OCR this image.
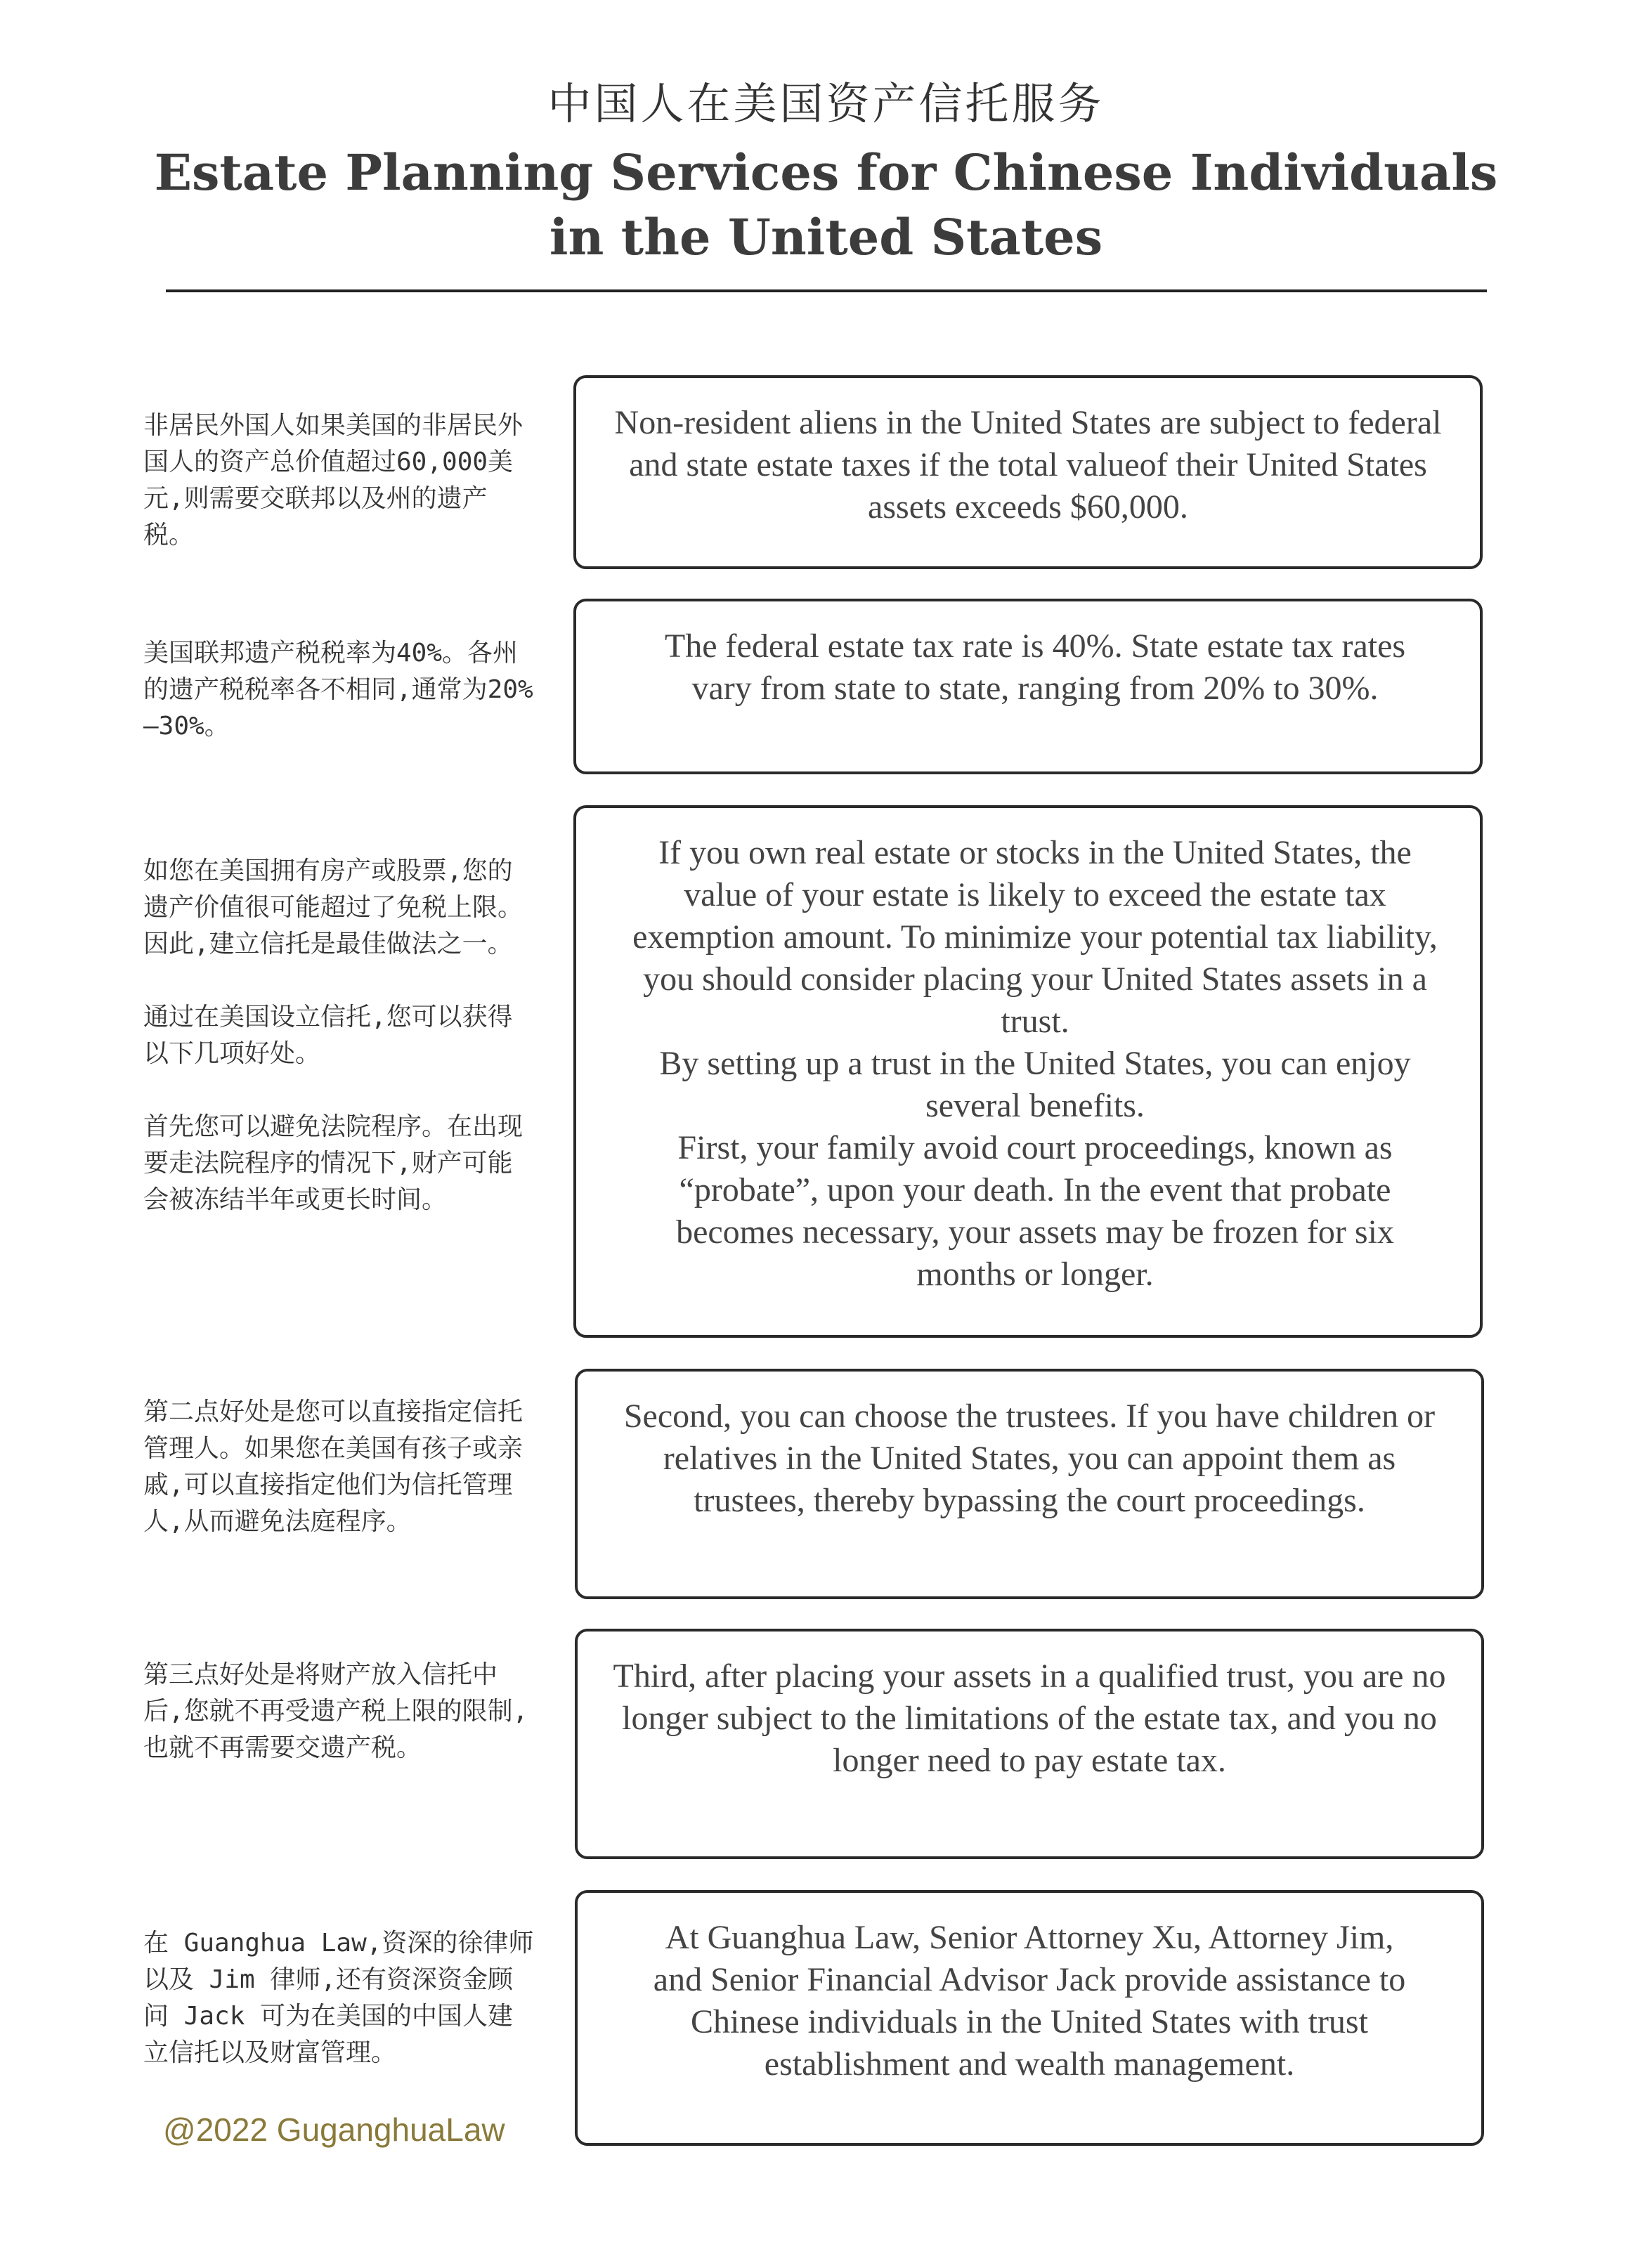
中国人在美国资产信托服务
Estate Planning Services for Chinese Individuals
in the United States

非居民外国人如果美国的非居民外国人的资产总价值超过60,000美元,则需要交联邦以及州的遗产税。

Non-resident aliens in the United States are subject to federal and state estate taxes if the total valueof their United States assets exceeds $60,000.

美国联邦遗产税税率为40%。各州的遗产税税率各不相同,通常为20%—30%。

The federal estate tax rate is 40%. State estate tax rates vary from state to state, ranging from 20% to 30%.

如您在美国拥有房产或股票,您的遗产价值很可能超过了免税上限。因此,建立信托是最佳做法之一。

通过在美国设立信托,您可以获得以下几项好处。

首先您可以避免法院程序。在出现要走法院程序的情况下,财产可能会被冻结半年或更长时间。

If you own real estate or stocks in the United States, the value of your estate is likely to exceed the estate tax exemption amount. To minimize your potential tax liability, you should consider placing your United States assets in a trust.

By setting up a trust in the United States, you can enjoy several benefits.

First, your family avoid court proceedings, known as “probate”, upon your death. In the event that probate becomes necessary, your assets may be frozen for six months or longer.

第二点好处是您可以直接指定信托管理人。如果您在美国有孩子或亲戚,可以直接指定他们为信托管理人,从而避免法庭程序。

Second, you can choose the trustees. If you have children or relatives in the United States, you can appoint them as trustees, thereby bypassing the court proceedings.

第三点好处是将财产放入信托中后,您就不再受遗产税上限的限制,也就不再需要交遗产税。

Third, after placing your assets in a qualified trust, you are no longer subject to the limitations of the estate tax, and you no longer need to pay estate tax.

在 Guanghua Law,资深的徐律师以及 Jim 律师,还有资深资金顾问 Jack 可为在美国的中国人建立信托以及财富管理。

At Guanghua Law, Senior Attorney Xu, Attorney Jim, and Senior Financial Advisor Jack provide assistance to Chinese individuals in the United States with trust establishment and wealth management.

@2022 GuganghuaLaw
